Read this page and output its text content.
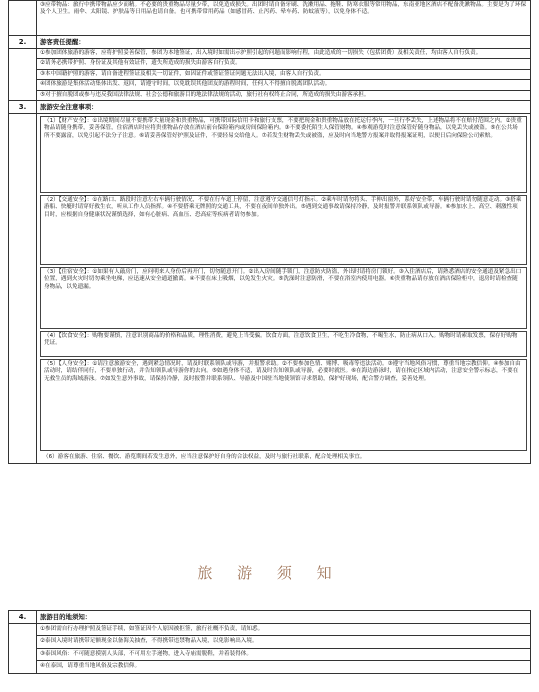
③应带物品：旅行中携带物品应少而精。不必要的贵重物品尽量少带，以免造成损失。出团时请自备牙刷、洗漱用品、拖鞋、防寒衣服等常用物品，东南亚地区酒店不配备洗漱物品。主要是为了环保及个人卫生。雨伞、太阳镜、护肤品等日用品也请自备。也可携带常用药品（如感冒药、止泻药、晕车药、防蚊液等），以免身体不适。
2.	游客责任提醒：
①参加团体旅游的游客，应将护照妥善保管，参团为本地签证，出入境时如需出示护照引起的问题而影响行程，由此造成的一切损失（包括团费）及相关责任，均由客人自行负责。
②请务必携带护照、身份证及其他有效证件，遗失所造成的损失由游客自行负责。
③本中国籍护照的游客，请自备进程签证及相关一切证件，如因证件或签证签证问题无法出入境，由客人自行负责。
④团体旅游是集体活动集体出发、返回，请遵守时间，以免耽误其他团友的游程时间，任何人不得擅自脱离团队活动。
⑤对于擅自脱团或参与违反我国法律法规、社会公德和旅游目的地法律法规的活动，旅行社有权终止合同，所造成的损失由游客承担。
3.	旅游安全注意事项：
（1）【财产安全】：①出境期间尽量不要携带大量现金和贵重物品，可携带国际信用卡和旅行支票，不要把现金和贵重物品放在托运行李内，一旦行李丢失，上述物品将不在赔付范围之内。②贵重物品请随身携带，妥善保管，住宿酒店时应将贵重物品存放在酒店前台保险箱内或房间保险箱内。③不要委托陌生人保管财物。④参观游览时注意保管好随身物品，以免丢失或被盗。⑤在公共场所不要露富，以免引起不法分子注意。⑥请妥善保管好护照及证件，不要轻易交给他人。⑦若发生财物丢失或被盗，应及时向当地警方报案并取得报案证明，以便日后向保险公司索赔。
（2）【交通安全】：①在路口、路段时注意左右车辆行驶情况，不要在行车道上停留，注意遵守交通信号灯指示。②乘车时请勿将头、手伸出窗外，系好安全带，车辆行驶时请勿随意走动。③搭乘游船、快艇时请穿好救生衣，听从工作人员指挥。④不要搭乘无牌照的交通工具，不要在夜间单独外出。⑤遇到交通事故请保持冷静，及时报警并联系领队或导游。⑥参加水上、高空、刺激性项目时，应根据自身健康状况谨慎选择，如有心脏病、高血压、恐高症等疾病者请勿参加。
（3）【住宿安全】：①如果有人敲房门，应问明来人身份后再开门，切勿随意开门。②出入房间随手锁门，注意防火防盗，外出时请将房门锁好。③入住酒店后，请熟悉酒店的安全通道及紧急出口位置，遇到火灾时切勿乘坐电梯，应迅速从安全通道撤离。④不要在床上吸烟，以免发生火灾。⑤洗澡时注意防滑，不要在浴室内使用电器。⑥贵重物品请存放在酒店保险柜中，退房时请检查随身物品，以免遗漏。
（4）【饮食安全】：购物要谨慎，注意识别商品的价格和品质，理性消费，避免上当受骗。饮食方面，注意饮食卫生，不吃生冷食物，不喝生水，防止病从口入。购物时请索取发票，保存好购物凭证。
（5）【人身安全】：①请注意旅游安全，遇到紧急情况时，请及时联系领队或导游，并报警求助。②不要参加色情、赌博、吸毒等违法活动。③遵守当地风俗习惯，尊重当地宗教信仰。④参加自由活动时，请结伴同行，不要单独行动，并告知领队或导游你的去向。⑤如遇身体不适，请及时告知领队或导游，必要时就医。⑥在海边游泳时，请在指定区域内活动，注意安全警示标志，不要在无救生员的海域游泳。⑦如发生意外事故，请保持冷静，及时报警并联系领队、导游及中国驻当地使领馆寻求帮助，保护好现场，配合警方调查，妥善处理。
（6）游客在旅游、住宿、餐饮、游览期间若发生意外，应当注意保护好自身的合法权益，及时与旅行社联系，配合处理相关事宜。
旅 游 须 知
4.	旅游目的地须知：
①参团需自行办理护照及签证手续，如签证因个人原因被拒签，旅行社概不负责，请知悉。
②泰国入境时请携带足额现金以备海关抽查，不得携带违禁物品入境，以免影响出入境。
③泰国风俗：不可随意摸别人头部，不可用左手递物，进入寺庙需脱鞋，并着装得体。
④在泰国，请尊重当地风俗及宗教信仰。
